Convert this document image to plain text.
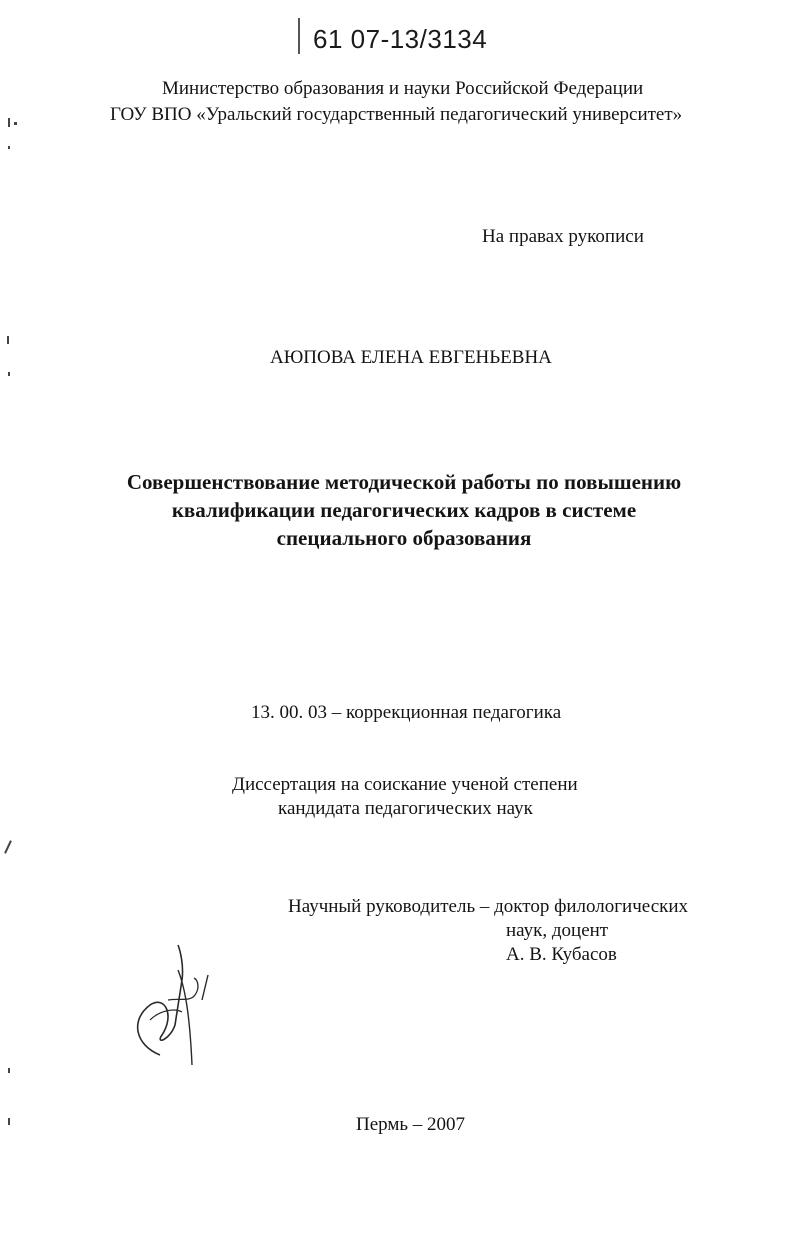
61 07-13/3134
Министерство образования и науки Российской Федерации
ГОУ ВПО «Уральский государственный педагогический университет»
На правах рукописи
АЮПОВА ЕЛЕНА ЕВГЕНЬЕВНА
Совершенствование методической работы по повышению
квалификации педагогических кадров в системе
специального образования
13. 00. 03 – коррекционная педагогика
Диссертация на соискание ученой степени
кандидата педагогических наук
Научный руководитель – доктор филологических
наук, доцент
А. В. Кубасов
Пермь – 2007
